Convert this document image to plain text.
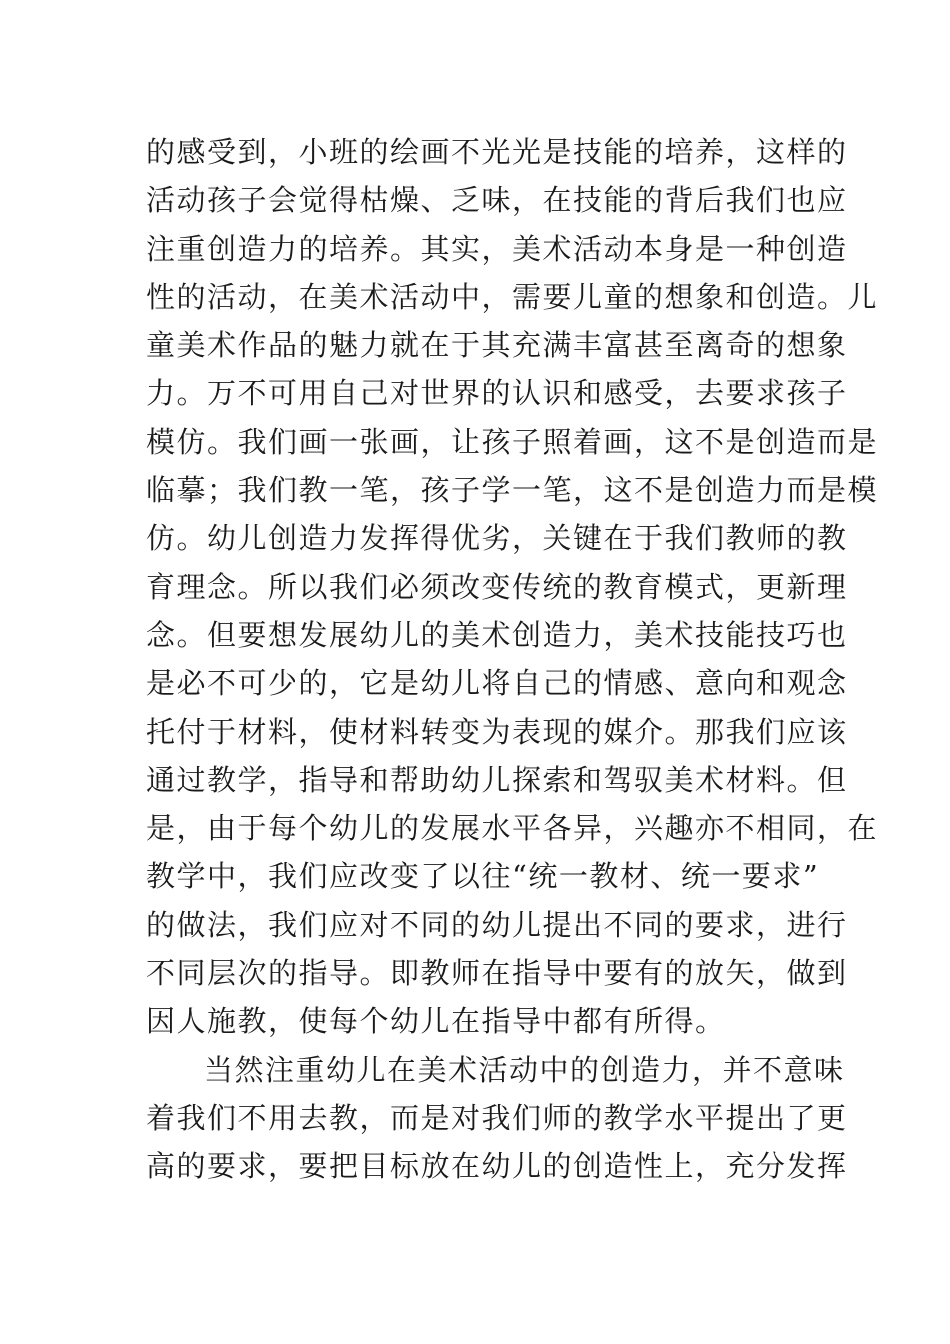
的感受到，小班的绘画不光光是技能的培养，这样的
活动孩子会觉得枯燥、乏味，在技能的背后我们也应
注重创造力的培养。其实，美术活动本身是一种创造
性的活动，在美术活动中，需要儿童的想象和创造。儿
童美术作品的魅力就在于其充满丰富甚至离奇的想象
力。万不可用自己对世界的认识和感受，去要求孩子
模仿。我们画一张画，让孩子照着画，这不是创造而是
临摹；我们教一笔，孩子学一笔，这不是创造力而是模
仿。幼儿创造力发挥得优劣，关键在于我们教师的教
育理念。所以我们必须改变传统的教育模式，更新理
念。但要想发展幼儿的美术创造力，美术技能技巧也
是必不可少的，它是幼儿将自己的情感、意向和观念
托付于材料，使材料转变为表现的媒介。那我们应该
通过教学，指导和帮助幼儿探索和驾驭美术材料。但
是，由于每个幼儿的发展水平各异，兴趣亦不相同，在
教学中，我们应改变了以往“统一教材、统一要求”
的做法，我们应对不同的幼儿提出不同的要求，进行
不同层次的指导。即教师在指导中要有的放矢，做到
因人施教，使每个幼儿在指导中都有所得。
当然注重幼儿在美术活动中的创造力，并不意味
着我们不用去教，而是对我们师的教学水平提出了更
高的要求，要把目标放在幼儿的创造性上，充分发挥
